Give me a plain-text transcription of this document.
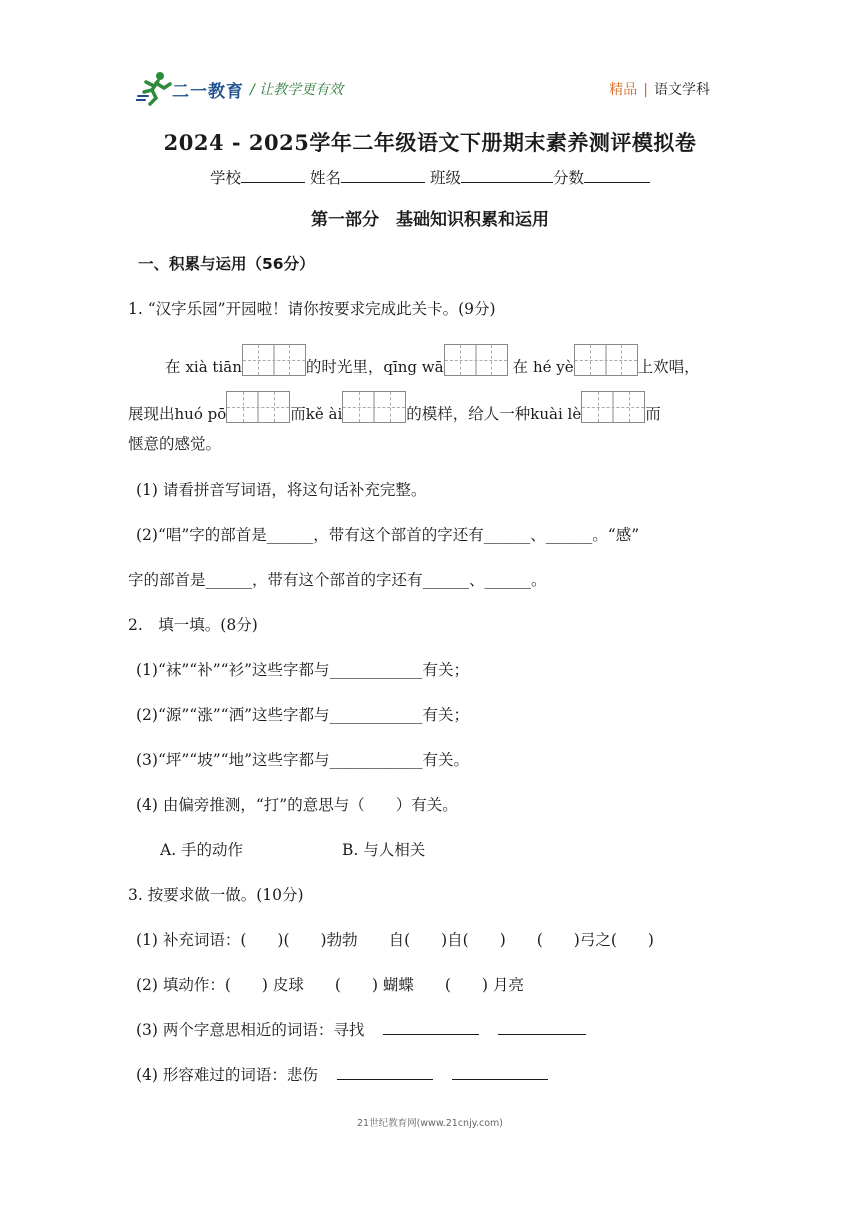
二一教育 / 让教学更有效	精品 | 语文学科
2024 - 2025学年二年级语文下册期末素养测评模拟卷
学校	姓名	班级	分数
第一部分　基础知识积累和运用
一、积累与运用（56分）
1. “汉字乐园”开园啦！请你按要求完成此关卡。(9分)
在 xià tiān	的时光里，qīng wā	在 hé yè	上欢唱，
展现出huó pō	而kě ài	的模样，给人一种kuài lè	而
惬意的感觉。
(1) 请看拼音写词语，将这句话补充完整。
(2)“唱”字的部首是______，带有这个部首的字还有______、______。“感”
字的部首是______，带有这个部首的字还有______、______。
2.　填一填。(8分)
(1)“袜”“补”“衫”这些字都与____________有关；
(2)“源”“涨”“洒”这些字都与____________有关；
(3)“坪”“坡”“地”这些字都与____________有关。
(4) 由偏旁推测，“打”的意思与（　　）有关。
A. 手的动作	B. 与人相关
3. 按要求做一做。(10分)
(1) 补充词语：(　　)(　　)勃勃　　自(　　)自(　　)　　(　　)弓之(　　)
(2) 填动作：(　　) 皮球　　(　　) 蝴蝶　　(　　) 月亮
(3) 两个字意思相近的词语：寻找
(4) 形容难过的词语：悲伤
21世纪教育网(www.21cnjy.com)
